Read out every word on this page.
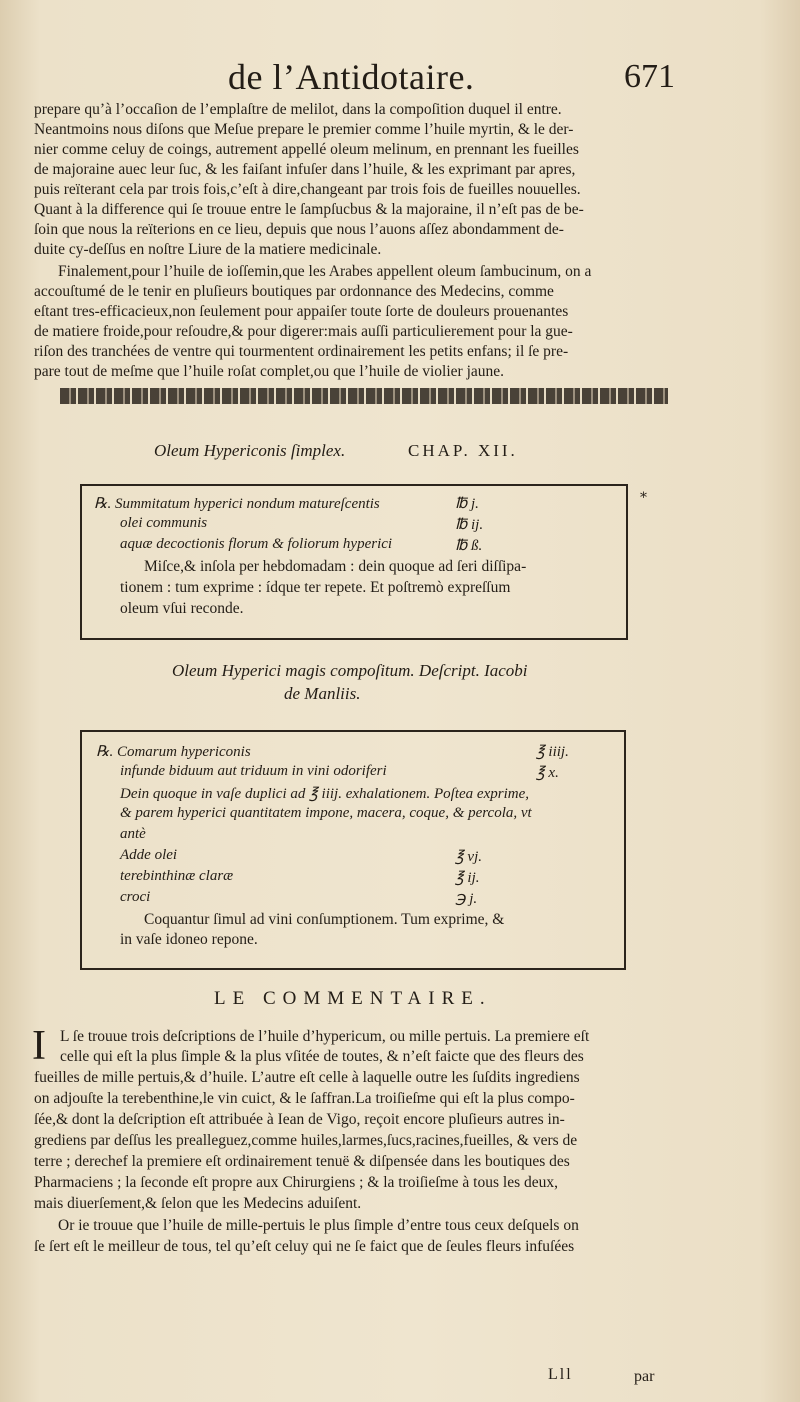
de l’Antidotaire.	671
prepare qu’à l’occaſion de l’emplaſtre de melilot, dans la compoſition duquel il entre.
Neantmoins nous diſons que Meſue prepare le premier comme l’huile myrtin, & le der-
nier comme celuy de coings, autrement appellé oleum melinum, en prennant les fueilles
de majoraine auec leur ſuc, & les faiſant infuſer dans l’huile, & les exprimant par apres,
puis reïterant cela par trois fois,c’eſt à dire,changeant par trois fois de fueilles nouuelles.
Quant à la difference qui ſe trouue entre le ſampſucbus & la majoraine, il n’eſt pas de be-
ſoin que nous la reïterions en ce lieu, depuis que nous l’auons aſſez abondamment de-
duite cy-deſſus en noſtre Liure de la matiere medicinale.
Finalement,pour l’huile de ioſſemin,que les Arabes appellent oleum ſambucinum, on a
accouſtumé de le tenir en pluſieurs boutiques par ordonnance des Medecins, comme
eſtant tres-efficacieux,non ſeulement pour appaiſer toute ſorte de douleurs prouenantes
de matiere froide,pour reſoudre,& pour digerer:mais auſſi particulierement pour la gue-
riſon des tranchées de ventre qui tourmentent ordinairement les petits enfans; il ſe pre-
pare tout de meſme que l’huile roſat complet,ou que l’huile de violier jaune.
Oleum Hypericonis ſimplex.	CHAP. XII.
*
℞. Summitatum hyperici nondum matureſcentis	℔ j.
olei communis	℔ ij.
aquæ decoctionis florum & foliorum hyperici	℔ ß.
Miſce,& inſola per hebdomadam : dein quoque ad ſeri diſſipa-
tionem : tum exprime : ídque ter repete. Et poſtremò expreſſum
oleum vſui reconde.
Oleum Hyperici magis compoſitum. Deſcript. Iacobi
de Manliis.
℞. Comarum hypericonis	℥ iiij.
infunde biduum aut triduum in vini odoriferi	℥ x.
Dein quoque in vaſe duplici ad ℥ iiij. exhalationem. Poſtea exprime,
& parem hyperici quantitatem impone, macera, coque, & percola, vt
antè
Adde olei	℥ vj.
terebinthinæ claræ	℥ ij.
croci	℈ j.
Coquantur ſimul ad vini conſumptionem. Tum exprime, &
in vaſe idoneo repone.
LE COMMENTAIRE.
I L ſe trouue trois deſcriptions de l’huile d’hypericum, ou mille pertuis. La premiere eſt
celle qui eſt la plus ſimple & la plus vſitée de toutes, & n’eſt faicte que des fleurs des
fueilles de mille pertuis,& d’huile. L’autre eſt celle à laquelle outre les ſuſdits ingrediens
on adjouſte la terebenthine,le vin cuict, & le ſaffran.La troiſieſme qui eſt la plus compo-
ſée,& dont la deſcription eſt attribuée à Iean de Vigo, reçoit encore pluſieurs autres in-
grediens par deſſus les prealleguez,comme huiles,larmes,ſucs,racines,fueilles, & vers de
terre ; derechef la premiere eſt ordinairement tenuë & diſpensée dans les boutiques des
Pharmaciens ; la ſeconde eſt propre aux Chirurgiens ; & la troiſieſme à tous les deux,
mais diuerſement,& ſelon que les Medecins aduiſent.
Or ie trouue que l’huile de mille-pertuis le plus ſimple d’entre tous ceux deſquels on
ſe ſert eſt le meilleur de tous, tel qu’eſt celuy qui ne ſe faict que de ſeules fleurs infuſées
Lll	par
